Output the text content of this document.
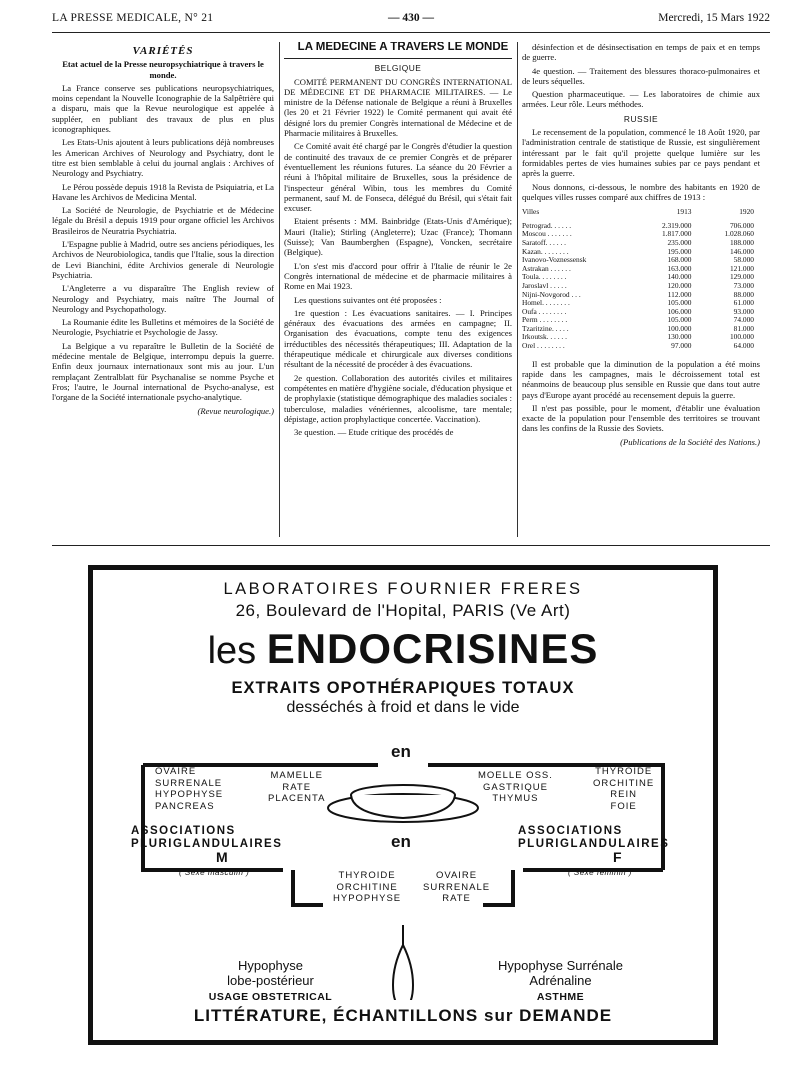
LA PRESSE MEDICALE, N° 21	— 430 —	Mercredi, 15 Mars 1922

VARIÉTÉS

Etat actuel de la Presse neuropsychiatrique à travers le monde.

La France conserve ses publications neuropsychiatriques, moins cependant la Nouvelle Iconographie de la Salpêtrière qui a disparu, mais que la Revue neurologique est appelée à suppléer, en publiant des travaux de plus en plus iconographiques.

Les Etats-Unis ajoutent à leurs publications déjà nombreuses les American Archives of Neurology and Psychiatry, dont le titre est bien semblable à celui du journal anglais : Archives of Neurology and Psychiatry.

Le Pérou possède depuis 1918 la Revista de Psiquiatria, et La Havane les Archivos de Medicina Mental.

La Société de Neurologie, de Psychiatrie et de Médecine légale du Brésil a depuis 1919 pour organe officiel les Archivos Brasileiros de Neuratria Psychiatria.

L'Espagne publie à Madrid, outre ses anciens périodiques, les Archivos de Neurobiologica, tandis que l'Italie, sous la direction de Levi Bianchini, édite Archivios generale di Neurologie Psychiatria.

L'Angleterre a vu disparaître The English review of Neurology and Psychiatry, mais naître The Journal of Neurology and Psychopathology.

La Roumanie édite les Bulletins et mémoires de la Société de Neurologie, Psychiatrie et Psychologie de Jassy.

La Belgique a vu reparaître le Bulletin de la Société de médecine mentale de Belgique, interrompu depuis la guerre. Enfin deux journaux internationaux sont mis au jour. L'un remplaçant Zentralblatt für Psychanalise se nomme Psyche et Fros; l'autre, le Journal international de Psycho-analyse, est l'organe de la Société internationale psycho-analytique.

(Revue neurologique.)

LA MÉDECINE A TRAVERS LE MONDE

BELGIQUE

COMITÉ PERMANENT DU CONGRÈS INTERNATIONAL DE MÉDECINE ET DE PHARMACIE MILITAIRES. — Le ministre de la Défense nationale de Belgique a réuni à Bruxelles (les 20 et 21 Février 1922) le Comité permanent qui avait été désigné lors du premier Congrès international de Médecine et de Pharmacie militaires à Bruxelles.

Ce Comité avait été chargé par le Congrès d'étudier la question de continuité des travaux de ce premier Congrès et de préparer éventuellement les réunions futures. La séance du 20 Février a réuni à l'hôpital militaire de Bruxelles, sous la présidence de l'inspecteur général Wibin, tous les membres du Comité permanent, sauf M. de Fonseca, délégué du Brésil, qui s'était fait excuser.

Etaient présents : MM. Bainbridge (Etats-Unis d'Amérique); Mauri (Italie); Stirling (Angleterre); Uzac (France); Thomann (Suisse); Van Baumberghen (Espagne), Voncken, secrétaire (Belgique).

L'on s'est mis d'accord pour offrir à l'Italie de réunir le 2e Congrès international de médecine et de pharmacie militaires à Rome en Mai 1923.

Les questions suivantes ont été proposées :

1re question : Les évacuations sanitaires. — I. Principes généraux des évacuations des armées en campagne; II. Organisation des évacuations, compte tenu des exigences irréductibles des nécessités thérapeutiques; III. Adaptation de la thérapeutique médicale et chirurgicale aux diverses conditions résultant de la nécessité de procéder à des évacuations.

2e question. Collaboration des autorités civiles et militaires compétentes en matière d'hygiène sociale, d'éducation physique et de prophylaxie (statistique démographique des maladies sociales : tuberculose, maladies vénériennes, alcoolisme, tare mentale; dépistage, action prophylactique concertée. Vaccination).

3e question. — Etude critique des procédés de

désinfection et de désinsectisation en temps de paix et en temps de guerre.

4e question. — Traitement des blessures thoraco-pulmonaires et de leurs séquelles.

Question pharmaceutique. — Les laboratoires de chimie aux armées. Leur rôle. Leurs méthodes.

RUSSIE

Le recensement de la population, commencé le 18 Août 1920, par l'administration centrale de statistique de Russie, est singulièrement intéressant par le fait qu'il projette quelque lumière sur les formidables pertes de vies humaines subies par ce pays pendant et après la guerre.

Nous donnons, ci-dessous, le nombre des habitants en 1920 de quelques villes russes comparé aux chiffres de 1913 :

Villes	1913	1920
Petrograd. . . . . .	2.319.000	706.000
Moscou . . . . . . .	1.817.000	1.028.060
Saratoff. . . . . .	235.000	188.000
Kazan. . . . . . . .	195.000	146.000
Ivanovo-Voznessensk	168.000	58.000
Astrakan . . . . . .	163.000	121.000
Toula. . . . . . . .	140.000	129.000
Jaroslavl . . . . .	120.000	73.000
Nijni-Novgorod . . .	112.000	88.000
Homel. . . . . . . .	105.000	61.000
Oufa . . . . . . . .	106.000	93.000
Perm . . . . . . . .	105.000	74.000
Tzaritzine. . . . .	100.000	81.000
Irkoutsk. . . . . .	130.000	100.000
Orel . . . . . . . .	97.000	64.000

Il est probable que la diminution de la population a été moins rapide dans les campagnes, mais le décroissement total est néanmoins de beaucoup plus sensible en Russie que dans tout autre pays d'Europe ayant procédé au recensement depuis la guerre.

Il n'est pas possible, pour le moment, d'établir une évaluation exacte de la population pour l'ensemble des territoires se trouvant dans les confins de la Russie des Soviets.

(Publications de la Société des Nations.)

LABORATOIRES FOURNIER FRERES
26, Boulevard de l'Hopital, PARIS (Ve Art)
les ENDOCRISINES
EXTRAITS OPOTHÉRAPIQUES TOTAUX
desséchés à froid et dans le vide
en
OVAIRE
SURRENALE
HYPOPHYSE
PANCREAS
MAMELLE
RATE
PLACENTA
MOELLE OSS.
GASTRIQUE
THYMUS
THYROIDE
ORCHITINE
REIN
FOIE
ASSOCIATIONS
PLURIGLANDULAIRES
M
( Sexe masculin )
en
ASSOCIATIONS
PLURIGLANDULAIRES
F
( Sexe féminin )
THYROIDE
ORCHITINE
HYPOPHYSE
OVAIRE
SURRENALE
RATE
Hypophyse
lobe-postérieur
USAGE OBSTETRICAL
Hypophyse Surrénale
Adrénaline
ASTHME
LITTÉRATURE, ÉCHANTILLONS sur DEMANDE
